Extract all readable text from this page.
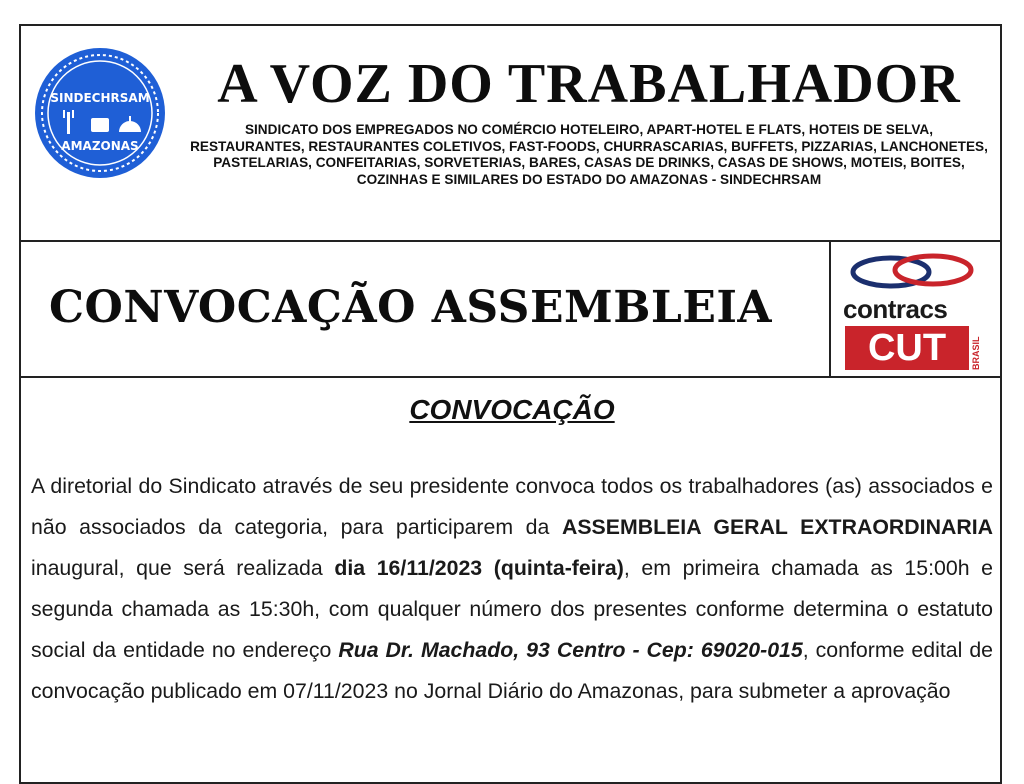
SINDECHRSAM
AMAZONAS
A VOZ DO TRABALHADOR
SINDICATO DOS EMPREGADOS NO COMÉRCIO HOTELEIRO, APART-HOTEL E FLATS, HOTEIS DE SELVA, RESTAURANTES, RESTAURANTES COLETIVOS, FAST-FOODS, CHURRASCARIAS, BUFFETS, PIZZARIAS, LANCHONETES, PASTELARIAS, CONFEITARIAS, SORVETERIAS, BARES, CASAS DE DRINKS, CASAS DE SHOWS, MOTEIS, BOITES, COZINHAS E SIMILARES DO ESTADO DO AMAZONAS - SINDECHRSAM
CONVOCAÇÃO ASSEMBLEIA	contracs
CUT	BRASIL
CONVOCAÇÃO
A diretorial do Sindicato através de seu presidente convoca todos os trabalhadores (as) associados e não associados da categoria, para participarem da ASSEMBLEIA GERAL EXTRAORDINARIA inaugural, que será realizada dia 16/11/2023 (quinta-feira), em primeira chamada as 15:00h e segunda chamada as 15:30h, com qualquer número dos presentes conforme determina o estatuto social da entidade no endereço Rua Dr. Machado, 93 Centro - Cep: 69020-015, conforme edital de convocação publicado em 07/11/2023 no Jornal Diário do Amazonas, para submeter a aprovação
